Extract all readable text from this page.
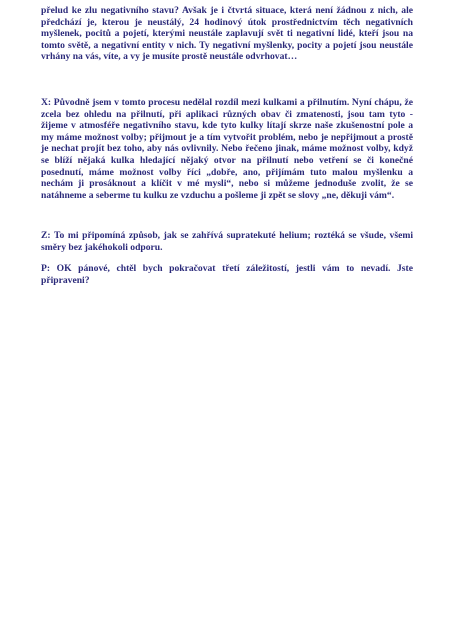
přelud ke zlu negativního stavu? Avšak je i čtvrtá situace, která není žádnou z nich, ale předchází je, kterou je neustálý, 24 hodinový útok prostřednictvím těch negativních myšlenek, pocitů a pojetí, kterými neustále zaplavují svět ti negativní lidé, kteří jsou na tomto světě, a negativní entity v nich. Ty negativní myšlenky, pocity a pojetí jsou neustále vrhány na vás, víte, a vy je musíte prostě neustále odvrhovat…

X: Původně jsem v tomto procesu nedělal rozdíl mezi kulkami a přilnutím. Nyní chápu, že zcela bez ohledu na přilnutí, při aplikaci různých obav či zmatenosti, jsou tam tyto - žijeme v atmosféře negativního stavu, kde tyto kulky lítají skrze naše zkušenostní pole a my máme možnost volby; přijmout je a tím vytvořit problém, nebo je nepřijmout a prostě je nechat projít bez toho, aby nás ovlivnily. Nebo řečeno jinak, máme možnost volby, když se blíží nějaká kulka hledající nějaký otvor na přilnutí nebo vetření se či konečné posednutí, máme možnost volby říci „dobře, ano, přijímám tuto malou myšlenku a nechám ji prosáknout a klíčit v mé mysli“, nebo si můžeme jednoduše zvolit, že se natáhneme a seberme tu kulku ze vzduchu a pošleme ji zpět se slovy „ne, děkuji vám“.

Z: To mi připomíná způsob, jak se zahřívá supratekuté helium; roztéká se všude, všemi směry bez jakéhokoli odporu.

P: OK pánové, chtěl bych pokračovat třetí záležitostí, jestli vám to nevadí. Jste připraveni?
